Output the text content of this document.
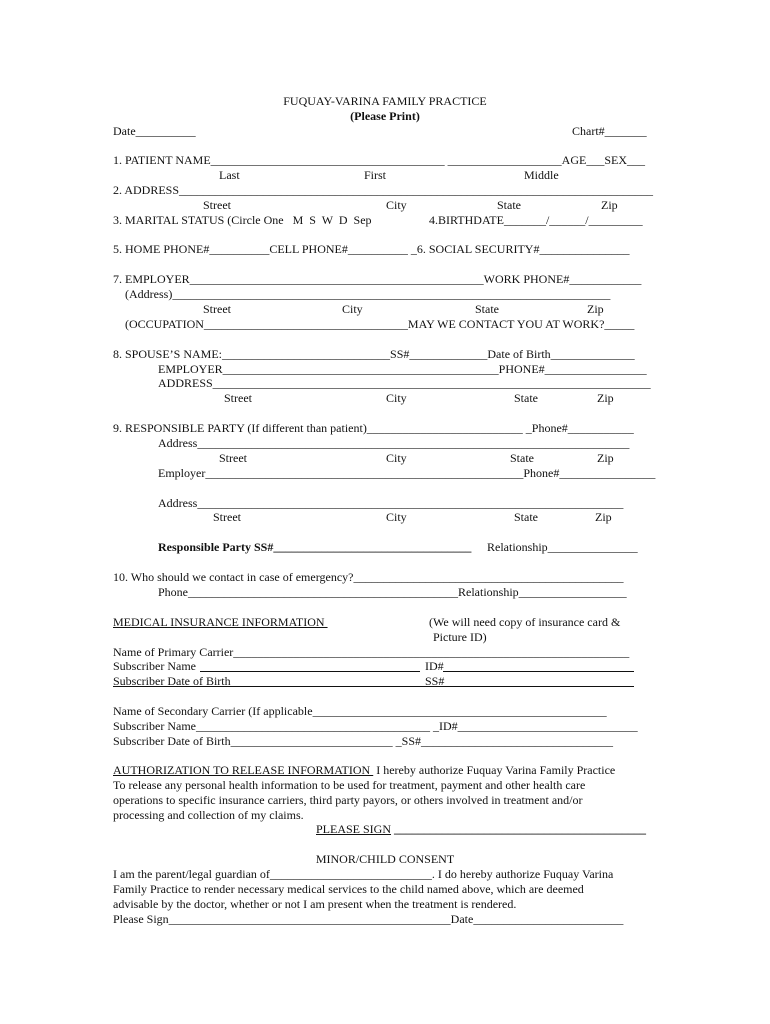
FUQUAY-VARINA FAMILY PRACTICE
(Please Print)
Date__________	Chart#_______
1. PATIENT NAME_______________________________________ ___________________AGE___SEX___
Last	First	Middle
2. ADDRESS_______________________________________________________________________________
Street	City	State	Zip
3. MARITAL STATUS (Circle One   M  S  W  D  Sep	4.BIRTHDATE_______/______/_________
5. HOME PHONE#__________CELL PHONE#__________ _6. SOCIAL SECURITY#_______________
7. EMPLOYER_________________________________________________WORK PHONE#____________
(Address)_________________________________________________________________________
Street	City	State	Zip
(OCCUPATION__________________________________MAY WE CONTACT YOU AT WORK?_____
8. SPOUSE’S NAME:____________________________SS#_____________Date of Birth______________
EMPLOYER______________________________________________PHONE#_________________
ADDRESS_________________________________________________________________________
Street	City	State	Zip
9. RESPONSIBLE PARTY (If different than patient)__________________________ _Phone#___________
Address________________________________________________________________________
Street	City	State	Zip
Employer_____________________________________________________Phone#________________
Address_______________________________________________________________________
Street	City	State	Zip
Responsible Party SS#_________________________________ Relationship_______________
10. Who should we contact in case of emergency?_____________________________________________
Phone_____________________________________________Relationship__________________
MEDICAL INSURANCE INFORMATION	(We will need copy of insurance card &
Picture ID)
Name of Primary Carrier__________________________________________________________________
Subscriber Name	ID#
Subscriber Date of Birth	SS#
Name of Secondary Carrier (If applicable_________________________________________________
Subscriber Name_______________________________________ _ID#______________________________
Subscriber Date of Birth___________________________ _SS#________________________________
AUTHORIZATION TO RELEASE INFORMATION  I hereby authorize Fuquay Varina Family Practice
To release any personal health information to be used for treatment, payment and other health care
operations to specific insurance carriers, third party payors, or others involved in treatment and/or
processing and collection of my claims.
PLEASE SIGN __________________________________________
MINOR/CHILD CONSENT
I am the parent/legal guardian of___________________________. I do hereby authorize Fuquay Varina
Family Practice to render necessary medical services to the child named above, which are deemed
advisable by the doctor, whether or not I am present when the treatment is rendered.
Please Sign_______________________________________________Date_________________________
